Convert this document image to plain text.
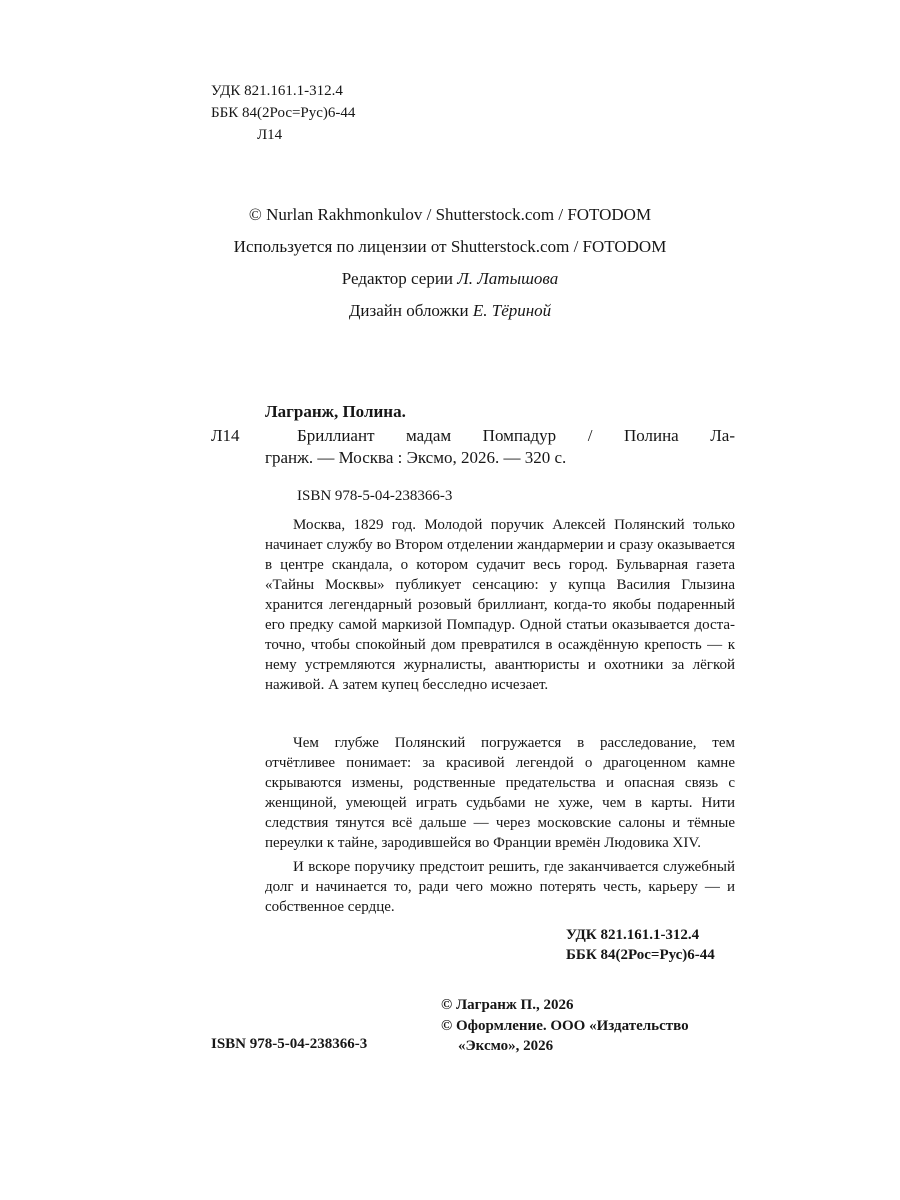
УДК 821.161.1-312.4
ББК 84(2Рос=Рус)6-44
Л14
© Nurlan Rakhmonkulov / Shutterstock.com / FOTODOM
Используется по лицензии от Shutterstock.com / FOTODOM
Редактор серии Л. Латышова
Дизайн обложки Е. Тёриной
Лагранж, Полина.
Л14	Бриллиант мадам Помпадур / Полина Ла-
гранж. — Москва : Эксмо, 2026. — 320 с.
ISBN 978-5-04-238366-3
Москва, 1829 год. Молодой поручик Алексей Полянский только начинает службу во Втором отделении жандармерии и сразу оказывается в центре скандала, о котором судачит весь город. Бульварная газета «Тайны Москвы» публикует сенсацию: у купца Василия Глызина хранится легендарный розовый бриллиант, когда-то якобы подаренный его предку самой маркизой Помпадур. Одной статьи оказывается достаточно, чтобы спокойный дом превратился в осаждённую крепость — к нему устремляются журналисты, авантюристы и охотники за лёгкой наживой. А затем купец бесследно исчезает.
Чем глубже Полянский погружается в расследование, тем отчётливее понимает: за красивой легендой о драгоценном камне скрываются измены, родственные предательства и опасная связь с женщиной, умеющей играть судьбами не хуже, чем в карты. Нити следствия тянутся всё дальше — через московские салоны и тёмные переулки к тайне, зародившейся во Франции времён Людовика XIV.
И вскоре поручику предстоит решить, где заканчивается служебный долг и начинается то, ради чего можно потерять честь, карьеру — и собственное сердце.
УДК 821.161.1-312.4
ББК 84(2Рос=Рус)6-44
© Лагранж П., 2026
© Оформление. ООО «Издательство
«Эксмо», 2026
ISBN 978-5-04-238366-3
